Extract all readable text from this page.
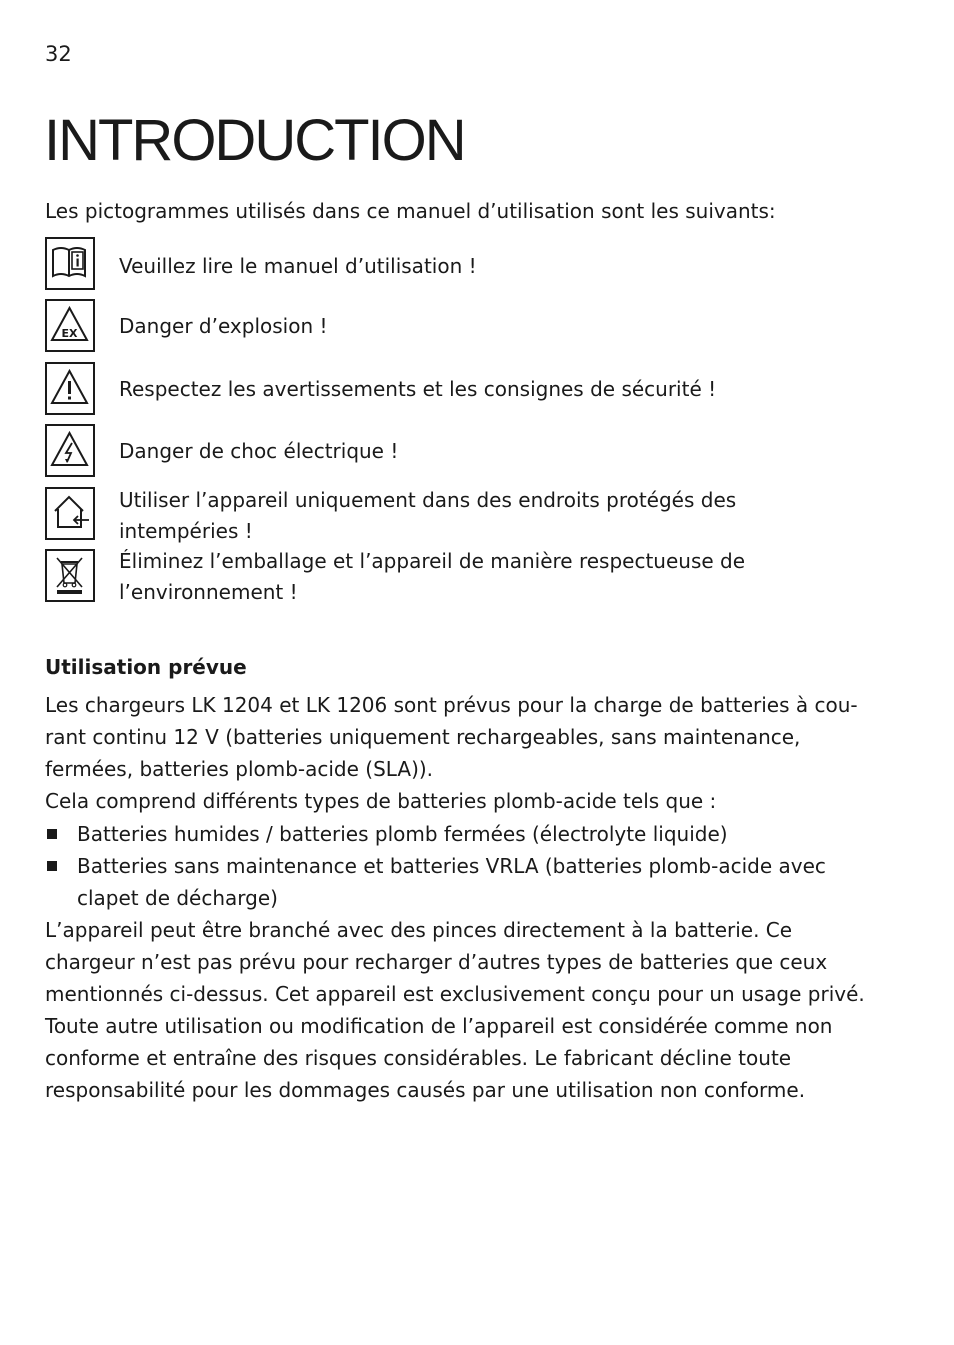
32
INTRODUCTION
Les pictogrammes utilisés dans ce manuel d’utilisation sont les suivants:
Veuillez lire le manuel d’utilisation !
EX Danger d’explosion !
Respectez les avertissements et les consignes de sécurité !
Danger de choc électrique !
Utiliser l’appareil uniquement dans des endroits protégés des intempéries !
Éliminez l’emballage et l’appareil de manière respectueuse de l’environnement !
Utilisation prévue
Les chargeurs LK 1204 et LK 1206 sont prévus pour la charge de batteries à cou-rant continu 12 V (batteries uniquement rechargeables, sans maintenance, fermées, batteries plomb-acide (SLA)).
Cela comprend différents types de batteries plomb-acide tels que :
Batteries humides / batteries plomb fermées (électrolyte liquide)
Batteries sans maintenance et batteries VRLA (batteries plomb-acide avec clapet de décharge)
L’appareil peut être branché avec des pinces directement à la batterie. Ce chargeur n’est pas prévu pour recharger d’autres types de batteries que ceux mentionnés ci-dessus. Cet appareil est exclusivement conçu pour un usage privé. Toute autre utilisation ou modification de l’appareil est considérée comme non conforme et entraîne des risques considérables. Le fabricant décline toute responsabilité pour les dommages causés par une utilisation non conforme.
